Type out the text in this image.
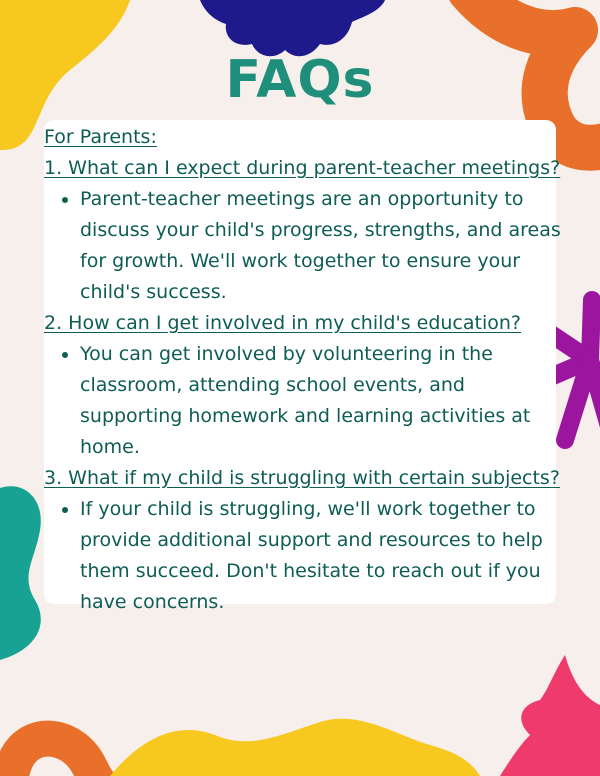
FAQs

For Parents:

1. What can I expect during parent-teacher meetings?

• Parent-teacher meetings are an opportunity to discuss your child's progress, strengths, and areas for growth. We'll work together to ensure your child's success.

2. How can I get involved in my child's education?

• You can get involved by volunteering in the classroom, attending school events, and supporting homework and learning activities at home.

3. What if my child is struggling with certain subjects?

• If your child is struggling, we'll work together to provide additional support and resources to help them succeed. Don't hesitate to reach out if you have concerns.
